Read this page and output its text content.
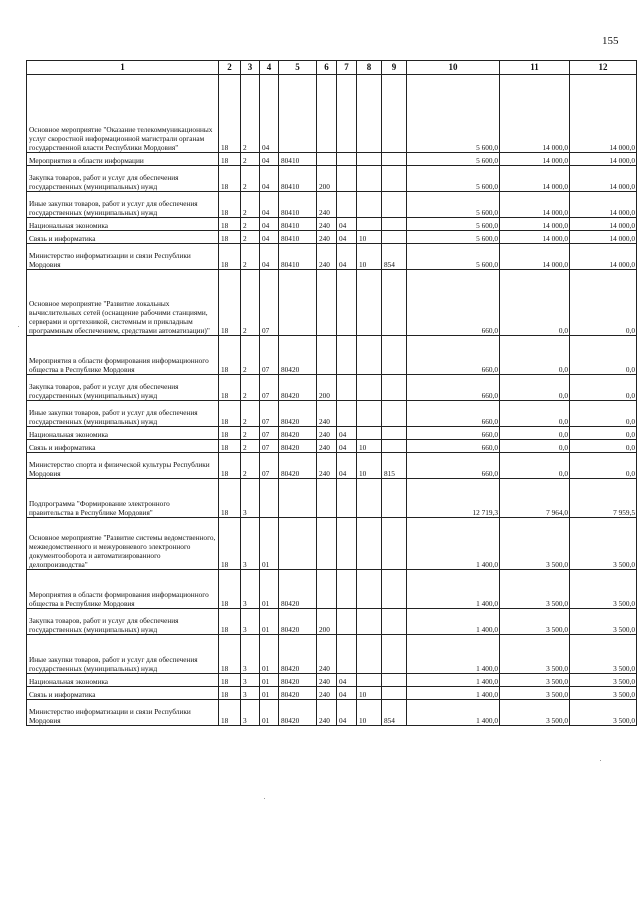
155
1	2	3	4	5	6	7	8	9	10	11	12
Основное мероприятие "Оказание телекоммуникационных услуг скоростной информационной магистрали органам государственной власти Республики Мордовия"	18	2	04						5 600,0	14 000,0	14 000,0
Мероприятия в области информации	18	2	04	80410					5 600,0	14 000,0	14 000,0
Закупка товаров, работ и услуг для обеспечения государственных (муниципальных) нужд	18	2	04	80410	200				5 600,0	14 000,0	14 000,0
Иные закупки товаров, работ и услуг для обеспечения государственных (муниципальных) нужд	18	2	04	80410	240				5 600,0	14 000,0	14 000,0
Национальная экономика	18	2	04	80410	240	04			5 600,0	14 000,0	14 000,0
Связь и информатика	18	2	04	80410	240	04	10		5 600,0	14 000,0	14 000,0
Министерство информатизации и связи Республики Мордовия	18	2	04	80410	240	04	10	854	5 600,0	14 000,0	14 000,0
Основное мероприятие "Развитие локальных вычислительных сетей (оснащение рабочими станциями, серверами и оргтехникой, системным и прикладным программным обеспечением, средствами автоматизации)"	18	2	07						660,0	0,0	0,0
Мероприятия в области формирования информационного общества в Республике Мордовия	18	2	07	80420					660,0	0,0	0,0
Закупка товаров, работ и услуг для обеспечения государственных (муниципальных) нужд	18	2	07	80420	200				660,0	0,0	0,0
Иные закупки товаров, работ и услуг для обеспечения государственных (муниципальных) нужд	18	2	07	80420	240				660,0	0,0	0,0
Национальная экономика	18	2	07	80420	240	04			660,0	0,0	0,0
Связь и информатика	18	2	07	80420	240	04	10		660,0	0,0	0,0
Министерство спорта и физической культуры Республики Мордовия	18	2	07	80420	240	04	10	815	660,0	0,0	0,0
Подпрограмма "Формирование электронного правительства в Республике Мордовия"	18	3							12 719,3	7 964,0	7 959,5
Основное мероприятие "Развитие системы ведомственного, межведомственного и межуровневого электронного документооборота и автоматизированного делопроизводства"	18	3	01						1 400,0	3 500,0	3 500,0
Мероприятия в области формирования информационного общества в Республике Мордовия	18	3	01	80420					1 400,0	3 500,0	3 500,0
Закупка товаров, работ и услуг для обеспечения государственных (муниципальных) нужд	18	3	01	80420	200				1 400,0	3 500,0	3 500,0
Иные закупки товаров, работ и услуг для обеспечения государственных (муниципальных) нужд	18	3	01	80420	240				1 400,0	3 500,0	3 500,0
Национальная экономика	18	3	01	80420	240	04			1 400,0	3 500,0	3 500,0
Связь и информатика	18	3	01	80420	240	04	10		1 400,0	3 500,0	3 500,0
Министерство информатизации и связи Республики Мордовия	18	3	01	80420	240	04	10	854	1 400,0	3 500,0	3 500,0
